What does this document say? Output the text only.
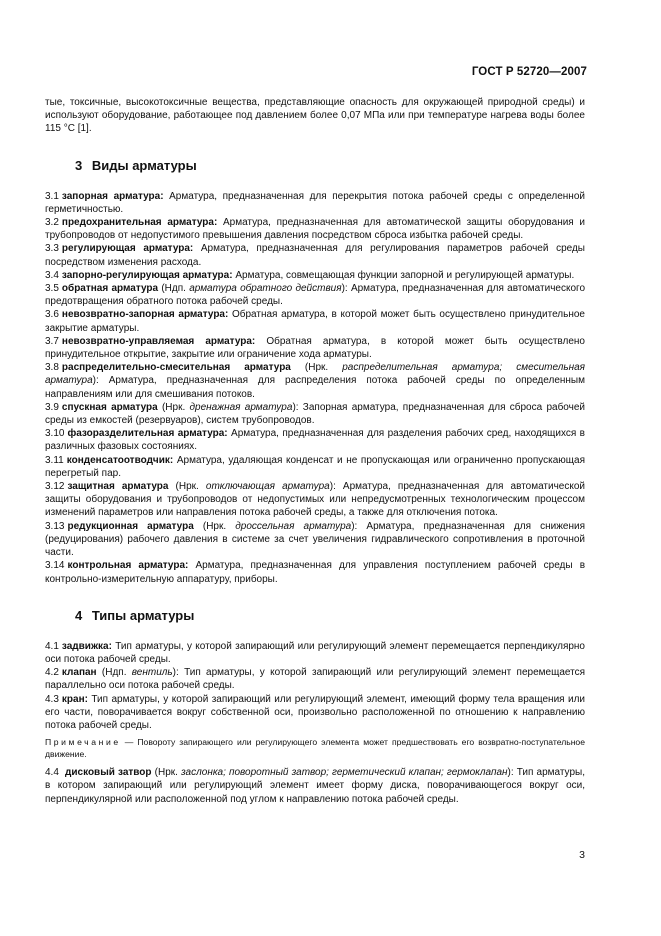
ГОСТ Р 52720—2007

тые, токсичные, высокотоксичные вещества, представляющие опасность для окружающей природной среды) и используют оборудование, работающее под давлением более 0,07 МПа или при температуре нагрева воды более 115 °С [1].

3 Виды арматуры

3.1 запорная арматура: Арматура, предназначенная для перекрытия потока рабочей среды с определенной герметичностью.

3.2 предохранительная арматура: Арматура, предназначенная для автоматической защиты оборудования и трубопроводов от недопустимого превышения давления посредством сброса избытка рабочей среды.

3.3 регулирующая арматура: Арматура, предназначенная для регулирования параметров рабочей среды посредством изменения расхода.

3.4 запорно-регулирующая арматура: Арматура, совмещающая функции запорной и регулирующей арматуры.

3.5 обратная арматура (Ндп. арматура обратного действия): Арматура, предназначенная для автоматического предотвращения обратного потока рабочей среды.

3.6 невозвратно-запорная арматура: Обратная арматура, в которой может быть осуществлено принудительное закрытие арматуры.

3.7 невозвратно-управляемая арматура: Обратная арматура, в которой может быть осуществлено принудительное открытие, закрытие или ограничение хода арматуры.

3.8 распределительно-смесительная арматура (Нрк. распределительная арматура; смесительная арматура): Арматура, предназначенная для распределения потока рабочей среды по определенным направлениям или для смешивания потоков.

3.9 спускная арматура (Нрк. дренажная арматура): Запорная арматура, предназначенная для сброса рабочей среды из емкостей (резервуаров), систем трубопроводов.

3.10 фазоразделительная арматура: Арматура, предназначенная для разделения рабочих сред, находящихся в различных фазовых состояниях.

3.11 конденсатоотводчик: Арматура, удаляющая конденсат и не пропускающая или ограниченно пропускающая перегретый пар.

3.12 защитная арматура (Нрк. отключающая арматура): Арматура, предназначенная для автоматической защиты оборудования и трубопроводов от недопустимых или непредусмотренных технологическим процессом изменений параметров или направления потока рабочей среды, а также для отключения потока.

3.13 редукционная арматура (Нрк. дроссельная арматура): Арматура, предназначенная для снижения (редуцирования) рабочего давления в системе за счет увеличения гидравлического сопротивления в проточной части.

3.14 контрольная арматура: Арматура, предназначенная для управления поступлением рабочей среды в контрольно-измерительную аппаратуру, приборы.

4 Типы арматуры

4.1 задвижка: Тип арматуры, у которой запирающий или регулирующий элемент перемещается перпендикулярно оси потока рабочей среды.

4.2 клапан (Ндп. вентиль): Тип арматуры, у которой запирающий или регулирующий элемент перемещается параллельно оси потока рабочей среды.

4.3 кран: Тип арматуры, у которой запирающий или регулирующий элемент, имеющий форму тела вращения или его части, поворачивается вокруг собственной оси, произвольно расположенной по отношению к направлению потока рабочей среды.

Примечание — Повороту запирающего или регулирующего элемента может предшествовать его возвратно-поступательное движение.

4.4 дисковый затвор (Нрк. заслонка; поворотный затвор; герметический клапан; гермоклапан): Тип арматуры, в котором запирающий или регулирующий элемент имеет форму диска, поворачивающегося вокруг оси, перпендикулярной или расположенной под углом к направлению потока рабочей среды.

3
